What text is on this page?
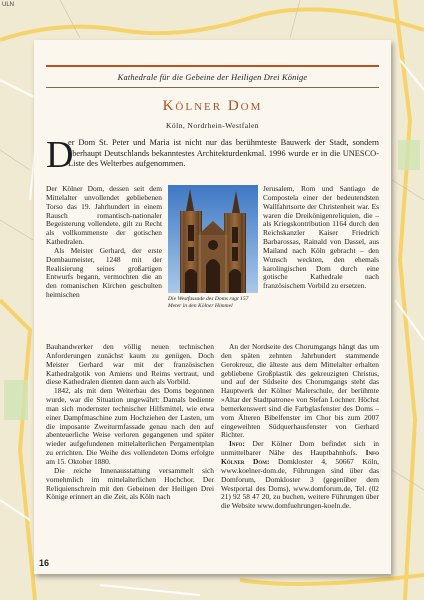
ULN
Kathedrale für die Gebeine der Heiligen Drei Könige
Kölner Dom
Köln, Nordrhein-Westfalen
D
er Dom St. Peter und Maria ist nicht nur das berühmteste Bauwerk der Stadt, sondern überhaupt Deutschlands bekanntestes Architekturdenkmal. 1996 wurde er in die UNESCO-Liste des Welterbes aufgenommen.

Der Kölner Dom, dessen seit dem Mittelalter unvollendet gebliebenen Torso das 19. Jahrhundert in einem Rausch romantisch-nationaler Begeisterung vollendete, gilt zu Recht als vollkommenste der gotischen Kathedralen.

Als Meister Gerhard, der erste Dombaumeister, 1248 mit der Realisierung seines großartigen Entwurfs begann, vermochten die an den romanischen Kirchen geschulten heimischen	Die Westfassade des Doms ragt 157 Meter in den Kölner Himmel

Jerusalem, Rom und Santiago de Compostela einer der bedeutendsten Wallfahrtsorte der Christenheit war. Es waren die Dreikönigenreliquien, die – als Kriegskontribution 1164 durch den Reichskanzler Kaiser Friedrich Barbarossas, Rainald von Dassel, aus Mailand nach Köln gebracht – den Wunsch weckten, den ehemals karolingischen Dom durch eine gotische Kathedrale nach französischem Vorbild zu ersetzen.

Bauhandwerker den völlig neuen technischen Anforderungen zunächst kaum zu genügen. Doch Meister Gerhard war mit der französischen Kathedralgotik von Amiens und Reims vertraut, und diese Kathedralen dienten dann auch als Vorbild.

1842, als mit dem Weiterbau des Doms begonnen wurde, war die Situation ungewährt: Damals bediente man sich modernster technischer Hilfsmittel, wie etwa einer Dampfmaschine zum Hochziehen der Lasten, um die imposante Zweiturmfassade genau nach den auf abenteuerliche Weise verloren gegangenen und später wieder aufgefundenen mittelalterlichen Pergamentplan zu errichten. Die Weihe des vollendeten Doms erfolgte am 15. Oktober 1880.

Die reiche Innenausstattung versammelt sich vornehmlich im mittelalterlichen Hochchor. Der Reliquienschrein mit den Gebeinen der Heiligen Drei Könige erinnert an die Zeit, als Köln nach

An der Nordseite des Chorumgangs hängt das um den späten zehnten Jahrhundert stammende Gerokreuz, die älteste aus dem Mittelalter erhalten gebliebene Großplastik des gekreuzigten Christus, und auf der Südseite des Chorumgangs steht das Hauptwerk der Kölner Malerschule, der berühmte »Altar der Stadtpatrone« von Stefan Lochner. Höchst bemerkenswert sind die Farbglasfenster des Doms – vom Älteren Bibelfenster im Chor bis zum 2007 eingeweihten Südquerhausfenster von Gerhard Richter.

Info: Der Kölner Dom befindet sich in unmittelbarer Nähe des Hauptbahnhofs. Info Kölner Dom: Domkloster 4, 50667 Köln, www.koelner-dom.de, Führungen sind über das Domforum, Domkloster 3 (gegenüber dem Westportal des Doms), www.domforum.de, Tel. (02 21) 92 58 47 20, zu buchen, weitere Führungen über die Website www.domfuehrungen-koeln.de.

16
